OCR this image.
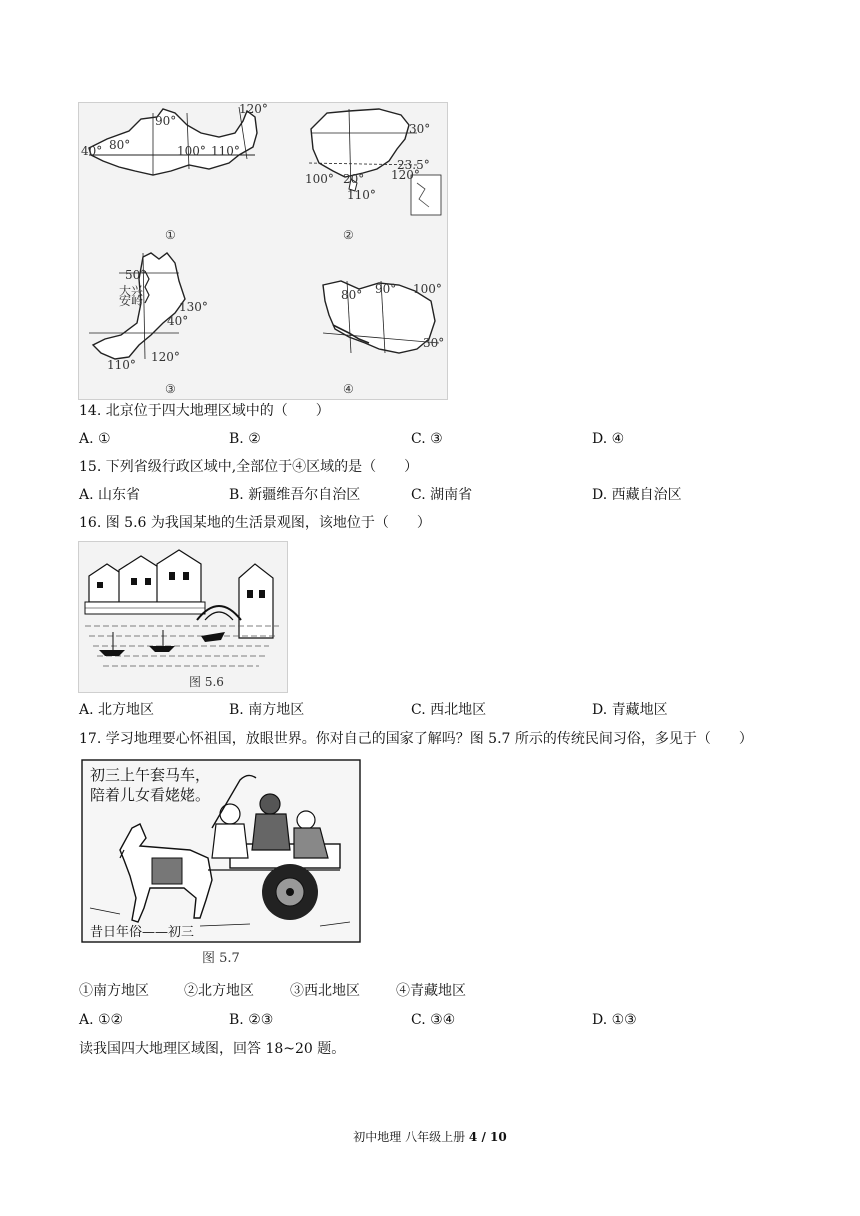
120°
90°
40° 80°	100° 110°
①
30°
100° 20° 120°
23.5°
110°
②
50°
大兴
安岭	130°
40°
120°
110°
③
80° 90° 100°
30°
④
14. 北京位于四大地理区域中的（　　）
A. ①	B. ②	C. ③	D. ④
15. 下列省级行政区域中,全部位于④区域的是（　　）
A. 山东省	B. 新疆维吾尔自治区	C. 湖南省	D. 西藏自治区
16. 图 5.6 为我国某地的生活景观图，该地位于（　　）
图 5.6
A. 北方地区	B. 南方地区	C. 西北地区	D. 青藏地区
17. 学习地理要心怀祖国，放眼世界。你对自己的国家了解吗？图 5.7 所示的传统民间习俗，多见于（　　）
初三上午套马车，
陪着儿女看姥姥。
昔日年俗——初三
图 5.7
①南方地区	②北方地区	③西北地区	④青藏地区
A. ①②	B. ②③	C. ③④	D. ①③
读我国四大地理区域图，回答 18~20 题。
初中地理 八年级上册 4 / 10
